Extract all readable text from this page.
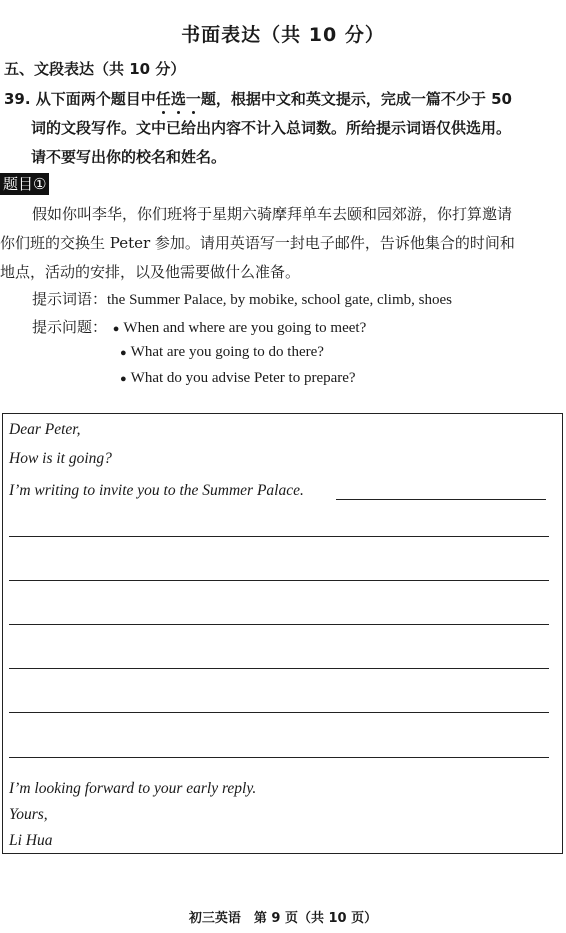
书面表达（共 10 分）
五、文段表达（共 10 分）
39. 从下面两个题目中任选一题，根据中文和英文提示，完成一篇不少于 50
词的文段写作。文中已给出内容不计入总词数。所给提示词语仅供选用。
请不要写出你的校名和姓名。
题目①
假如你叫李华，你们班将于星期六骑摩拜单车去颐和园郊游，你打算邀请
你们班的交换生 Peter 参加。请用英语写一封电子邮件，告诉他集合的时间和
地点，活动的安排，以及他需要做什么准备。
提示词语：the Summer Palace, by mobike, school gate, climb, shoes
提示问题： ● When and where are you going to meet?
● What are you going to do there?
● What do you advise Peter to prepare?
Dear Peter,
How is it going?
I’m writing to invite you to the Summer Palace.
I’m looking forward to your early reply.
Yours,
Li Hua
初三英语　第 9 页（共 10 页）
